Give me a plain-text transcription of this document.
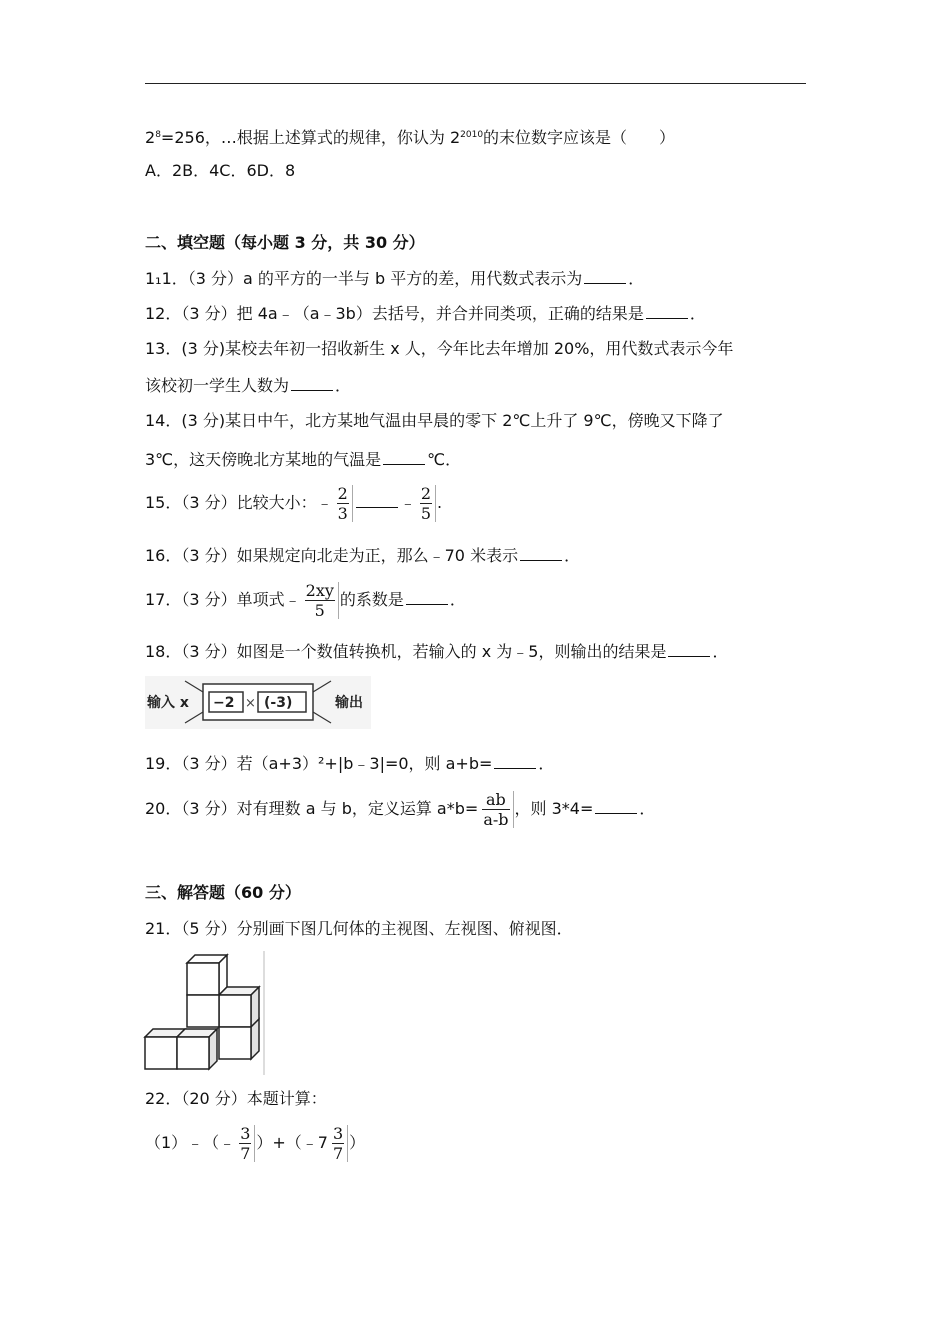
$2^8=256$，…根据上述算式的规律，你认为 $2^{2010}$的末位数字应该是（　　）
A．2B．4C．6D．8
二、填空题（每小题 3 分，共 30 分）
1₁1．（3 分）a 的平方的一半与 b 平方的差，用代数式表示为	．
12．（3 分）把 4a﹣（a﹣3b）去括号，并合并同类项，正确的结果是	．
13．(3 分)某校去年初一招收新生 x 人，今年比去年增加 20%，用代数式表示今年
该校初一学生人数为	．
14．(3 分)某日中午，北方某地气温由早晨的零下 2℃上升了 9℃，傍晚又下降了
3℃，这天傍晚北方某地的气温是	℃．
15．（3 分）比较大小：﹣ $\frac{2}{3}$	﹣ $\frac{2}{5}$ .
16．（3 分）如果规定向北走为正，那么﹣70 米表示	．
17．（3 分）单项式﹣ $\frac{2xy}{5}$ 的系数是	．
18．（3 分）如图是一个数值转换机，若输入的 x 为﹣5，则输出的结果是	．
输入 x −2 × (-3)	输出
19．（3 分）若（a+3）²+|b﹣3|=0，则 a+b=	．
20．（3 分）对有理数 a 与 b，定义运算 $a*b= \frac{ab}{a-b}$ ，则 3*4=	．
三、解答题（60 分）
21．（5 分）分别画下图几何体的主视图、左视图、俯视图．
22．（20 分）本题计算：
（1）﹣（﹣ $\frac{3}{7}$ ）+（﹣7 $\frac{3}{7}$ ）
